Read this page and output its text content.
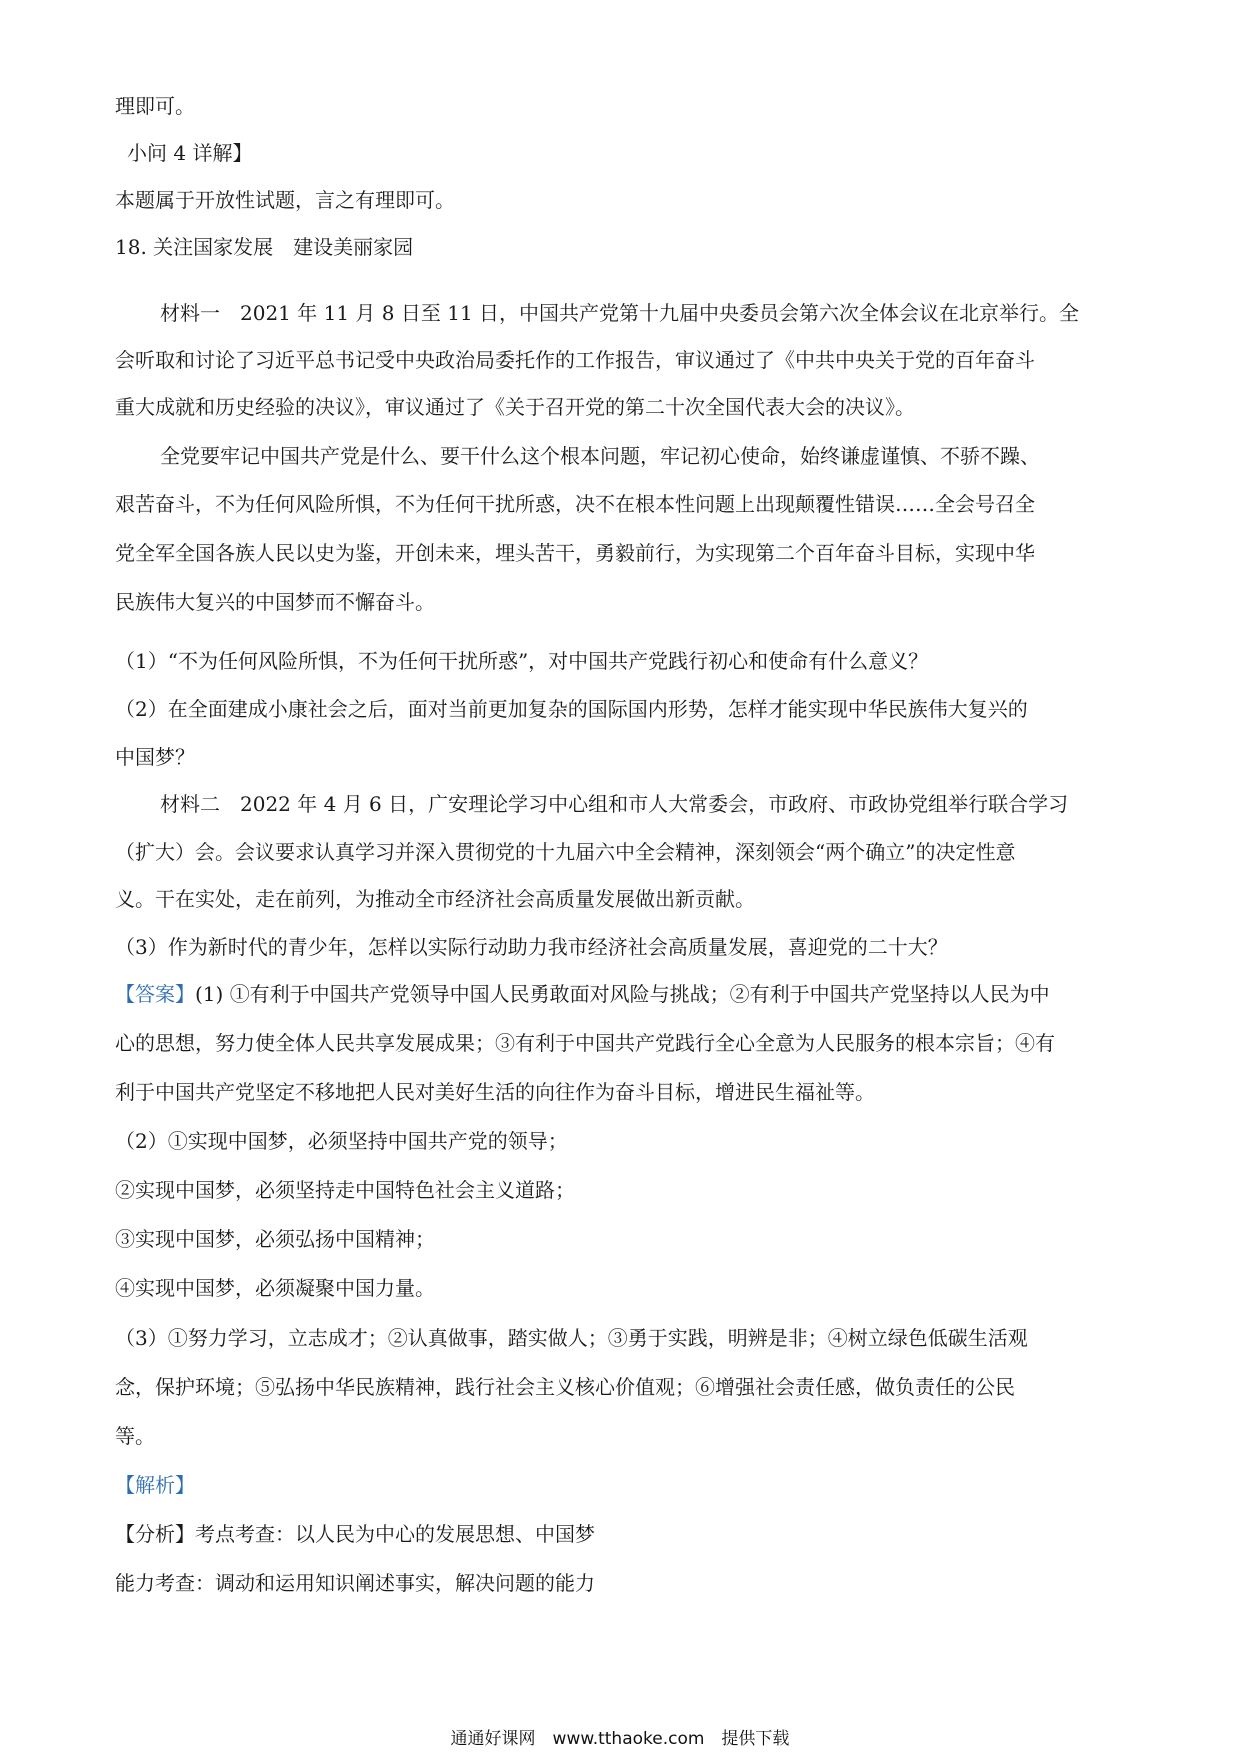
理即可。
小问 4 详解】
本题属于开放性试题，言之有理即可。
18. 关注国家发展　建设美丽家园
材料一　2021 年 11 月 8 日至 11 日，中国共产党第十九届中央委员会第六次全体会议在北京举行。全
会听取和讨论了习近平总书记受中央政治局委托作的工作报告，审议通过了《中共中央关于党的百年奋斗
重大成就和历史经验的决议》，审议通过了《关于召开党的第二十次全国代表大会的决议》。
全党要牢记中国共产党是什么、要干什么这个根本问题，牢记初心使命，始终谦虚谨慎、不骄不躁、
艰苦奋斗，不为任何风险所惧，不为任何干扰所惑，决不在根本性问题上出现颠覆性错误……全会号召全
党全军全国各族人民以史为鉴，开创未来，埋头苦干，勇毅前行，为实现第二个百年奋斗目标，实现中华
民族伟大复兴的中国梦而不懈奋斗。
（1）“不为任何风险所惧，不为任何干扰所惑”，对中国共产党践行初心和使命有什么意义？
（2）在全面建成小康社会之后，面对当前更加复杂的国际国内形势，怎样才能实现中华民族伟大复兴的
中国梦？
材料二　2022 年 4 月 6 日，广安理论学习中心组和市人大常委会，市政府、市政协党组举行联合学习
（扩大）会。会议要求认真学习并深入贯彻党的十九届六中全会精神，深刻领会“两个确立”的决定性意
义。干在实处，走在前列，为推动全市经济社会高质量发展做出新贡献。
（3）作为新时代的青少年，怎样以实际行动助力我市经济社会高质量发展，喜迎党的二十大？
【答案】(1) ①有利于中国共产党领导中国人民勇敢面对风险与挑战；②有利于中国共产党坚持以人民为中
心的思想，努力使全体人民共享发展成果；③有利于中国共产党践行全心全意为人民服务的根本宗旨；④有
利于中国共产党坚定不移地把人民对美好生活的向往作为奋斗目标，增进民生福祉等。
（2）①实现中国梦，必须坚持中国共产党的领导；
②实现中国梦，必须坚持走中国特色社会主义道路；
③实现中国梦，必须弘扬中国精神；
④实现中国梦，必须凝聚中国力量。
（3）①努力学习，立志成才；②认真做事，踏实做人；③勇于实践，明辨是非；④树立绿色低碳生活观
念，保护环境；⑤弘扬中华民族精神，践行社会主义核心价值观；⑥增强社会责任感，做负责任的公民
等。
【解析】
【分析】考点考查：以人民为中心的发展思想、中国梦
能力考查：调动和运用知识阐述事实，解决问题的能力
通通好课网　www.tthaoke.com　提供下载
